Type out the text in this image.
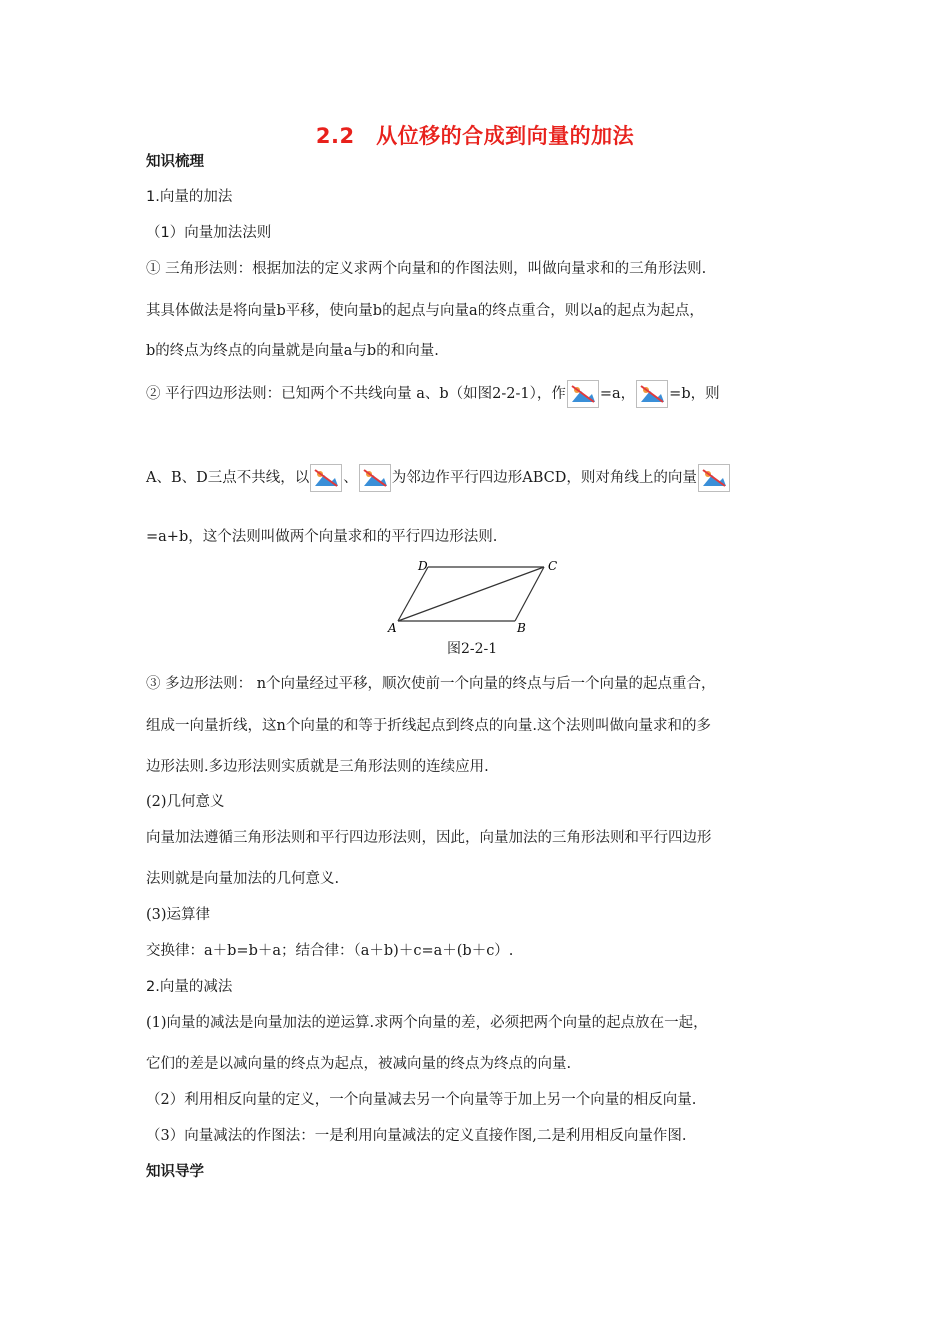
2.2　从位移的合成到向量的加法
知识梳理
1.向量的加法
（1）向量加法法则
① 三角形法则：根据加法的定义求两个向量和的作图法则，叫做向量求和的三角形法则.
其具体做法是将向量b平移，使向量b的起点与向量a的终点重合，则以a的起点为起点，
b的终点为终点的向量就是向量a与b的和向量.
② 平行四边形法则：已知两个不共线向量 a、b（如图2-2-1），作 =a， =b，则
A、B、D三点不共线，以 、 为邻边作平行四边形ABCD，则对角线上的向量
=a+b，这个法则叫做两个向量求和的平行四边形法则.
A	B
C
D
图2-2-1
③ 多边形法则： n个向量经过平移，顺次使前一个向量的终点与后一个向量的起点重合，
组成一向量折线，这n个向量的和等于折线起点到终点的向量.这个法则叫做向量求和的多
边形法则.多边形法则实质就是三角形法则的连续应用.
(2)几何意义
向量加法遵循三角形法则和平行四边形法则，因此，向量加法的三角形法则和平行四边形
法则就是向量加法的几何意义.
(3)运算律
交换律：a＋b=b＋a；结合律：（a＋b)＋c=a＋(b＋c）.
2.向量的减法
(1)向量的减法是向量加法的逆运算.求两个向量的差，必须把两个向量的起点放在一起，
它们的差是以减向量的终点为起点，被减向量的终点为终点的向量.
（2）利用相反向量的定义，一个向量减去另一个向量等于加上另一个向量的相反向量.
（3）向量减法的作图法：一是利用向量减法的定义直接作图,二是利用相反向量作图.
知识导学
